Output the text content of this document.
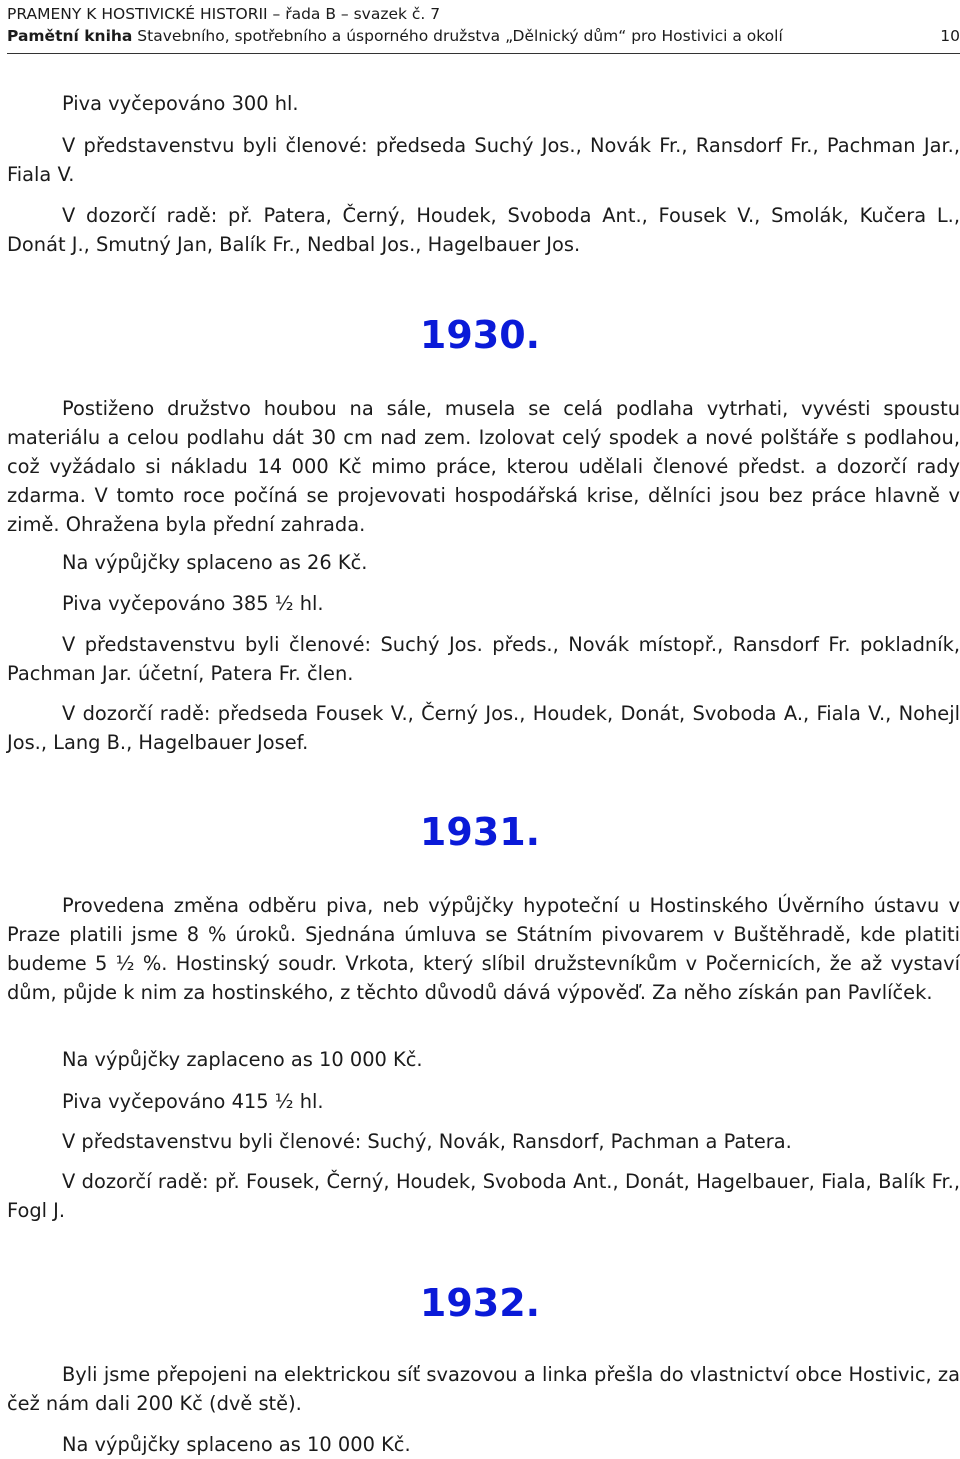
PRAMENY K HOSTIVICKÉ HISTORII – řada B – svazek č. 7
Pamětní kniha Stavebního, spotřebního a úsporného družstva „Dělnický dům“ pro Hostivici a okolí	10

Piva vyčepováno 300 hl.

V představenstvu byli členové: předseda Suchý Jos., Novák Fr., Ransdorf Fr., Pachman Jar., Fiala V.

V dozorčí radě: př. Patera, Černý, Houdek, Svoboda Ant., Fousek V., Smolák, Kučera L., Donát J., Smutný Jan, Balík Fr., Nedbal Jos., Hagelbauer Jos.

1930.

Postiženo družstvo houbou na sále, musela se celá podlaha vytrhati, vyvésti spoustu materiálu a celou podlahu dát 30 cm nad zem. Izolovat celý spodek a nové polštáře s podlahou, což vyžádalo si nákladu 14 000 Kč mimo práce, kterou udělali členové předst. a dozorčí rady zdarma. V tomto roce počíná se projevovati hospodářská krise, dělníci jsou bez práce hlavně v zimě. Ohražena byla přední zahrada.

Na výpůjčky splaceno as 26 Kč.

Piva vyčepováno 385 ½ hl.

V představenstvu byli členové: Suchý Jos. předs., Novák místopř., Ransdorf Fr. pokladník, Pachman Jar. účetní, Patera Fr. člen.

V dozorčí radě: předseda Fousek V., Černý Jos., Houdek, Donát, Svoboda A., Fiala V., Nohejl Jos., Lang B., Hagelbauer Josef.

1931.

Provedena změna odběru piva, neb výpůjčky hypoteční u Hostinského Úvěrního ústavu v Praze platili jsme 8 % úroků. Sjednána úmluva se Státním pivovarem v Buštěhradě, kde platiti budeme 5 ½ %. Hostinský soudr. Vrkota, který slíbil družstevníkům v Počernicích, že až vystaví dům, půjde k nim za hostinského, z těchto důvodů dává výpověď. Za něho získán pan Pavlíček.

Na výpůjčky zaplaceno as 10 000 Kč.

Piva vyčepováno 415 ½ hl.

V představenstvu byli členové: Suchý, Novák, Ransdorf, Pachman a Patera.

V dozorčí radě: př. Fousek, Černý, Houdek, Svoboda Ant., Donát, Hagelbauer, Fiala, Balík Fr., Fogl J.

1932.

Byli jsme přepojeni na elektrickou síť svazovou a linka přešla do vlastnictví obce Hostivic, za čež nám dali 200 Kč (dvě stě).

Na výpůjčky splaceno as 10 000 Kč.
